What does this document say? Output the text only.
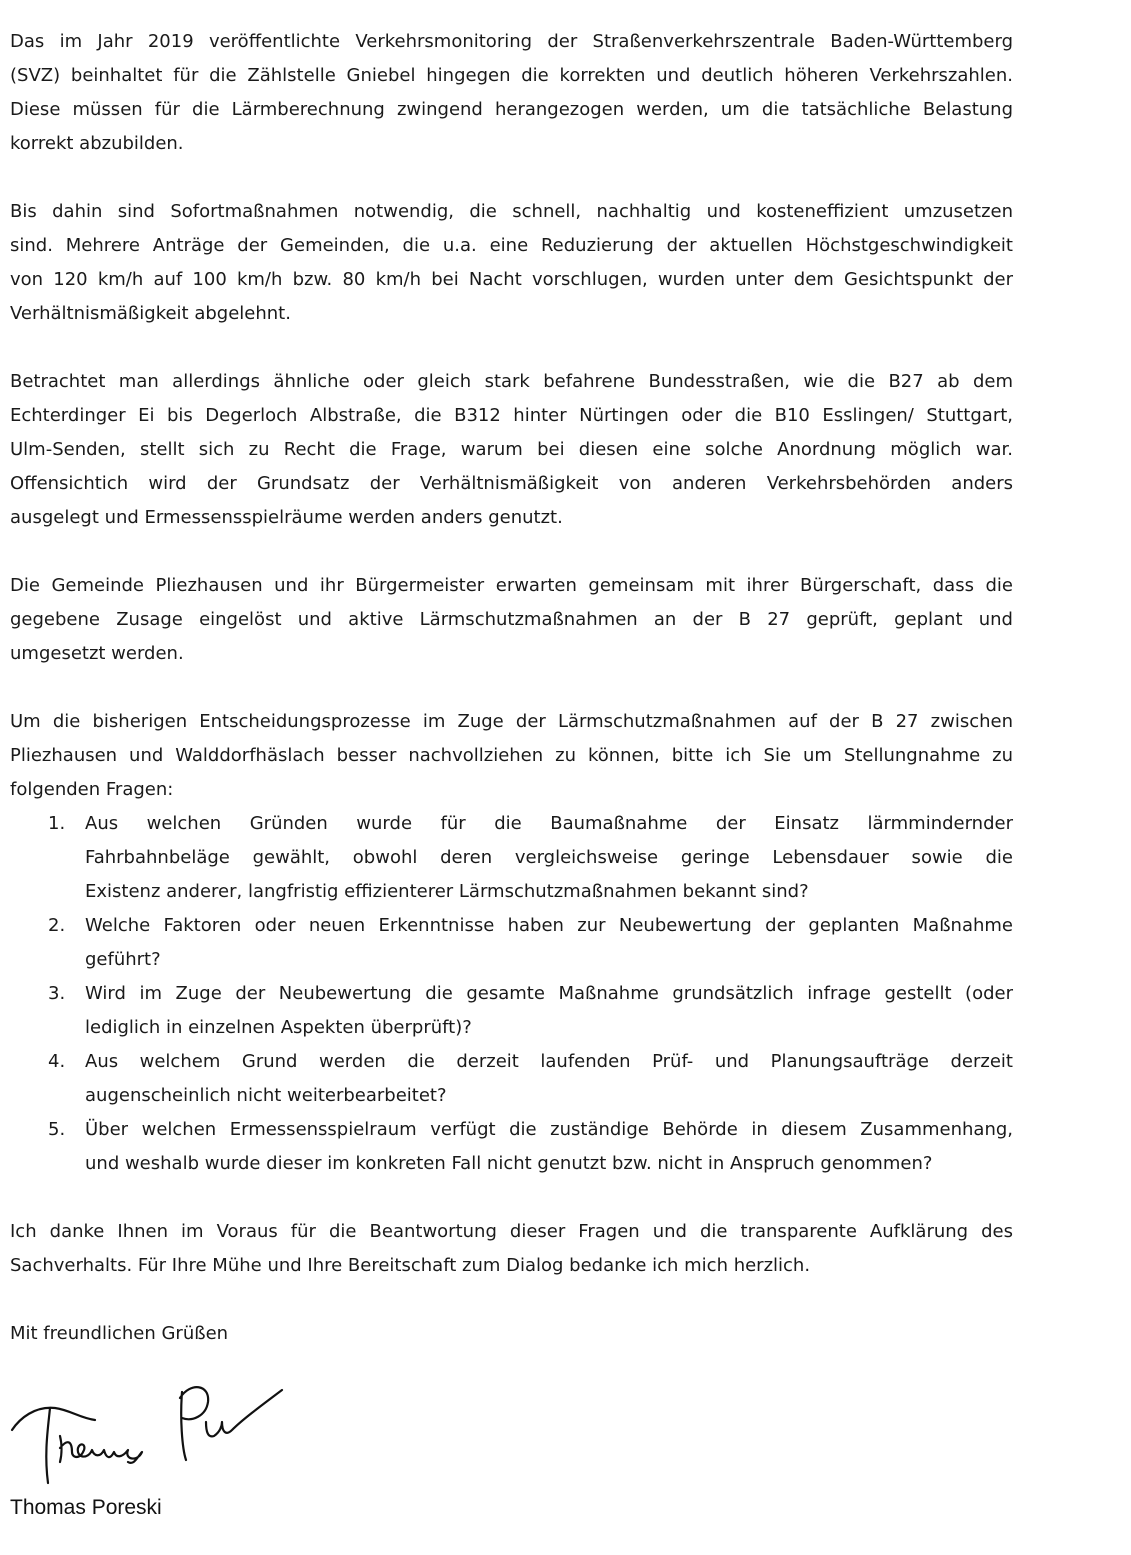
Das im Jahr 2019 veröffentlichte Verkehrsmonitoring der Straßenverkehrszentrale Baden-Württemberg
(SVZ) beinhaltet für die Zählstelle Gniebel hingegen die korrekten und deutlich höheren Verkehrszahlen.
Diese müssen für die Lärmberechnung zwingend herangezogen werden, um die tatsächliche Belastung
korrekt abzubilden.
Bis dahin sind Sofortmaßnahmen notwendig, die schnell, nachhaltig und kosteneffizient umzusetzen
sind. Mehrere Anträge der Gemeinden, die u.a. eine Reduzierung der aktuellen Höchstgeschwindigkeit
von 120 km/h auf 100 km/h bzw. 80 km/h bei Nacht vorschlugen, wurden unter dem Gesichtspunkt der
Verhältnismäßigkeit abgelehnt.
Betrachtet man allerdings ähnliche oder gleich stark befahrene Bundesstraßen, wie die B27 ab dem
Echterdinger Ei bis Degerloch Albstraße, die B312 hinter Nürtingen oder die B10 Esslingen/ Stuttgart,
Ulm-Senden, stellt sich zu Recht die Frage, warum bei diesen eine solche Anordnung möglich war.
Offensichtich wird der Grundsatz der Verhältnismäßigkeit von anderen Verkehrsbehörden anders
ausgelegt und Ermessensspielräume werden anders genutzt.
Die Gemeinde Pliezhausen und ihr Bürgermeister erwarten gemeinsam mit ihrer Bürgerschaft, dass die
gegebene Zusage eingelöst und aktive Lärmschutzmaßnahmen an der B 27 geprüft, geplant und
umgesetzt werden.
Um die bisherigen Entscheidungsprozesse im Zuge der Lärmschutzmaßnahmen auf der B 27 zwischen
Pliezhausen und Walddorfhäslach besser nachvollziehen zu können, bitte ich Sie um Stellungnahme zu
folgenden Fragen:
1. Aus welchen Gründen wurde für die Baumaßnahme der Einsatz lärmmindernder
Fahrbahnbeläge gewählt, obwohl deren vergleichsweise geringe Lebensdauer sowie die
Existenz anderer, langfristig effizienterer Lärmschutzmaßnahmen bekannt sind?
2. Welche Faktoren oder neuen Erkenntnisse haben zur Neubewertung der geplanten Maßnahme
geführt?
3. Wird im Zuge der Neubewertung die gesamte Maßnahme grundsätzlich infrage gestellt (oder
lediglich in einzelnen Aspekten überprüft)?
4. Aus welchem Grund werden die derzeit laufenden Prüf- und Planungsaufträge derzeit
augenscheinlich nicht weiterbearbeitet?
5. Über welchen Ermessensspielraum verfügt die zuständige Behörde in diesem Zusammenhang,
und weshalb wurde dieser im konkreten Fall nicht genutzt bzw. nicht in Anspruch genommen?
Ich danke Ihnen im Voraus für die Beantwortung dieser Fragen und die transparente Aufklärung des
Sachverhalts. Für Ihre Mühe und Ihre Bereitschaft zum Dialog bedanke ich mich herzlich.
Mit freundlichen Grüßen
Thomas Poreski
